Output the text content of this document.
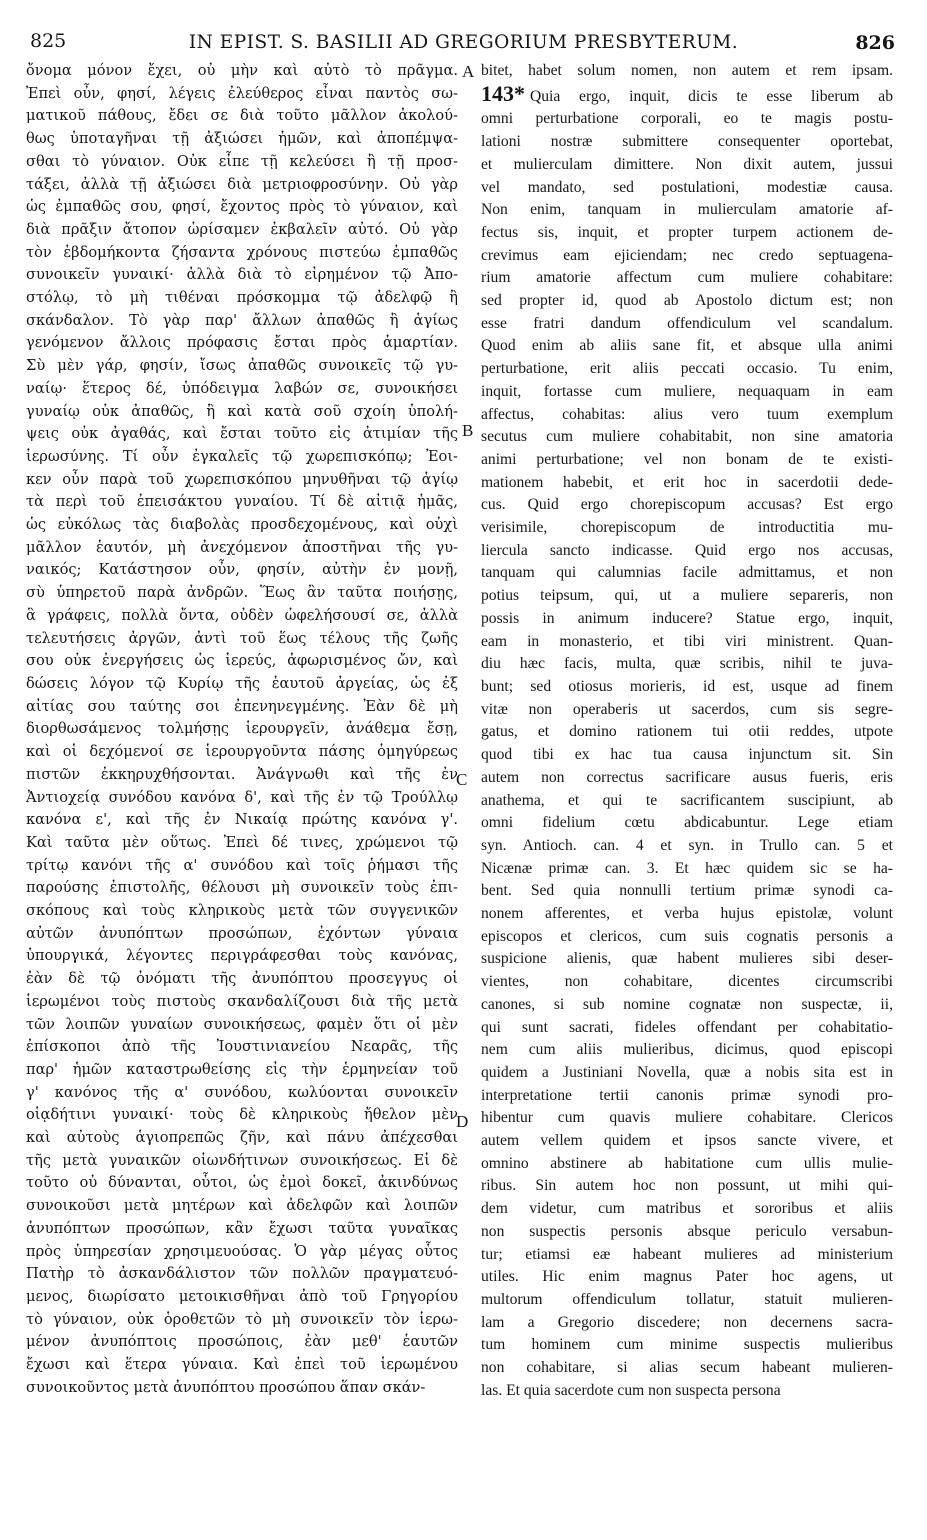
825	IN EPIST. S. BASILII AD GREGORIUM PRESBYTERUM.	826
ὄνομα μόνον ἔχει, οὐ μὴν καὶ αὐτὸ τὸ πρᾶγμα.
Ἐπεὶ οὖν, φησί, λέγεις ἐλεύθερος εἶναι παντὸς σω-
ματικοῦ πάθους, ἔδει σε διὰ τοῦτο μᾶλλον ἀκολού-
θως ὑποταγῆναι τῇ ἀξιώσει ἡμῶν, καὶ ἀποπέμψα-
σθαι τὸ γύναιον. Οὐκ εἶπε τῇ κελεύσει ἢ τῇ προσ-
τάξει, ἀλλὰ τῇ ἀξιώσει διὰ μετριοφροσύνην. Οὐ γὰρ
ὡς ἐμπαθῶς σου, φησί, ἔχοντος πρὸς τὸ γύναιον, καὶ
διὰ πρᾶξιν ἄτοπον ὡρίσαμεν ἐκβαλεῖν αὐτό. Οὐ γὰρ
τὸν ἑβδομήκοντα ζήσαντα χρόνους πιστεύω ἐμπαθῶς
συνοικεῖν γυναικί· ἀλλὰ διὰ τὸ εἰρημένον τῷ Ἀπο-
στόλῳ, τὸ μὴ τιθέναι πρόσκομμα τῷ ἀδελφῷ ἢ
σκάνδαλον. Τὸ γὰρ παρ' ἄλλων ἀπαθῶς ἢ ἁγίως
γενόμενον ἄλλοις πρόφασις ἔσται πρὸς ἁμαρτίαν.
Σὺ μὲν γάρ, φησίν, ἴσως ἀπαθῶς συνοικεῖς τῷ γυ-
ναίῳ· ἕτερος δέ, ὑπόδειγμα λαβών σε, συνοικήσει
γυναίῳ οὐκ ἀπαθῶς, ἢ καὶ κατὰ σοῦ σχοίη ὑπολή-
ψεις οὐκ ἀγαθάς, καὶ ἔσται τοῦτο εἰς ἀτιμίαν τῆς
ἱερωσύνης. Τί οὖν ἐγκαλεῖς τῷ χωρεπισκόπῳ; Ἐοι-
κεν οὖν παρὰ τοῦ χωρεπισκόπου μηνυθῆναι τῷ ἁγίῳ
τὰ περὶ τοῦ ἐπεισάκτου γυναίου. Τί δὲ αἰτιᾷ ἡμᾶς,
ὡς εὐκόλως τὰς διαβολὰς προσδεχομένους, καὶ οὐχὶ
μᾶλλον ἑαυτόν, μὴ ἀνεχόμενον ἀποστῆναι τῆς γυ-
ναικός; Κατάστησον οὖν, φησίν, αὐτὴν ἐν μονῇ,
σὺ ὑπηρετοῦ παρὰ ἀνδρῶν. Ἕως ἂν ταῦτα ποιήσῃς,
ἃ γράφεις, πολλὰ ὄντα, οὐδὲν ὠφελήσουσί σε, ἀλλὰ
τελευτήσεις ἀργῶν, ἀντὶ τοῦ ἕως τέλους τῆς ζωῆς
σου οὐκ ἐνεργήσεις ὡς ἱερεύς, ἀφωρισμένος ὤν, καὶ
δώσεις λόγον τῷ Κυρίῳ τῆς ἑαυτοῦ ἀργείας, ὡς ἐξ
αἰτίας σου ταύτης σοι ἐπενηνεγμένης. Ἐὰν δὲ μὴ
διορθωσάμενος τολμήσῃς ἱερουργεῖν, ἀνάθεμα ἔσῃ,
καὶ οἱ δεχόμενοί σε ἱερουργοῦντα πάσης ὁμηγύρεως
πιστῶν ἐκκηρυχθήσονται. Ἀνάγνωθι καὶ τῆς ἐν
Ἀντιοχείᾳ συνόδου κανόνα δ', καὶ τῆς ἐν τῷ Τρούλλῳ
κανόνα ε', καὶ τῆς ἐν Νικαίᾳ πρώτης κανόνα γ'.
Καὶ ταῦτα μὲν οὕτως. Ἐπεὶ δέ τινες, χρώμενοι τῷ
τρίτῳ κανόνι τῆς α' συνόδου καὶ τοῖς ῥήμασι τῆς
παρούσης ἐπιστολῆς, θέλουσι μὴ συνοικεῖν τοὺς ἐπι-
σκόπους καὶ τοὺς κληρικοὺς μετὰ τῶν συγγενικῶν
αὐτῶν ἀνυπόπτων προσώπων, ἐχόντων γύναια
ὑπουργικά, λέγοντες περιγράφεσθαι τοὺς κανόνας,
ἐὰν δὲ τῷ ὀνόματι τῆς ἀνυπόπτου προσεγγυς οἱ
ἱερωμένοι τοὺς πιστοὺς σκανδαλίζουσι διὰ τῆς μετὰ
τῶν λοιπῶν γυναίων συνοικήσεως, φαμὲν ὅτι οἱ μὲν
ἐπίσκοποι ἀπὸ τῆς Ἰουστινιανείου Νεαρᾶς, τῆς
παρ' ἡμῶν καταστρωθείσης εἰς τὴν ἑρμηνείαν τοῦ
γ' κανόνος τῆς α' συνόδου, κωλύονται συνοικεῖν
οἱᾳδήτινι γυναικί· τοὺς δὲ κληρικοὺς ἤθελον μὲν
καὶ αὐτοὺς ἁγιοπρεπῶς ζῆν, καὶ πάνυ ἀπέχεσθαι
τῆς μετὰ γυναικῶν οἱωνδήτινων συνοικήσεως. Εἰ δὲ
τοῦτο οὐ δύνανται, οὗτοι, ὡς ἐμοὶ δοκεῖ, ἀκινδύνως
συνοικοῦσι μετὰ μητέρων καὶ ἀδελφῶν καὶ λοιπῶν
ἀνυπόπτων προσώπων, κἂν ἔχωσι ταῦτα γυναῖκας
πρὸς ὑπηρεσίαν χρησιμευούσας. Ὁ γὰρ μέγας οὗτος
Πατὴρ τὸ ἀσκανδάλιστον τῶν πολλῶν πραγματευό-
μενος, διωρίσατο μετοικισθῆναι ἀπὸ τοῦ Γρηγορίου
τὸ γύναιον, οὐκ ὁροθετῶν τὸ μὴ συνοικεῖν τὸν ἱερω-
μένον ἀνυπόπτοις προσώποις, ἐὰν μεθ' ἑαυτῶν
ἔχωσι καὶ ἕτερα γύναια. Καὶ ἐπεὶ τοῦ ἱερωμένου
συνοικοῦντος μετὰ ἀνυπόπτου προσώπου ἅπαν σκάν-
bitet, habet solum nomen, non autem et rem ipsam.
143* Quia ergo, inquit, dicis te esse liberum ab
omni perturbatione corporali, eo te magis postu-
lationi nostræ submittere consequenter oportebat,
et mulierculam dimittere. Non dixit autem, jussui
vel mandato, sed postulationi, modestiæ causa.
Non enim, tanquam in mulierculam amatorie af-
fectus sis, inquit, et propter turpem actionem de-
crevimus eam ejiciendam; nec credo septuagena-
rium amatorie affectum cum muliere cohabitare:
sed propter id, quod ab Apostolo dictum est; non
esse fratri dandum offendiculum vel scandalum.
Quod enim ab aliis sane fit, et absque ulla animi
perturbatione, erit aliis peccati occasio. Tu enim,
inquit, fortasse cum muliere, nequaquam in eam
affectus, cohabitas: alius vero tuum exemplum
secutus cum muliere cohabitabit, non sine amatoria
animi perturbatione; vel non bonam de te existi-
mationem habebit, et erit hoc in sacerdotii dede-
cus. Quid ergo chorepiscopum accusas? Est ergo
verisimile, chorepiscopum de introductitia mu-
liercula sancto indicasse. Quid ergo nos accusas,
tanquam qui calumnias facile admittamus, et non
potius teipsum, qui, ut a muliere separeris, non
possis in animum inducere? Statue ergo, inquit,
eam in monasterio, et tibi viri ministrent. Quan-
diu hæc facis, multa, quæ scribis, nihil te juva-
bunt; sed otiosus morieris, id est, usque ad finem
vitæ non operaberis ut sacerdos, cum sis segre-
gatus, et domino rationem tui otii reddes, utpote
quod tibi ex hac tua causa injunctum sit. Sin
autem non correctus sacrificare ausus fueris, eris
anathema, et qui te sacrificantem suscipiunt, ab
omni fidelium cœtu abdicabuntur. Lege etiam
syn. Antioch. can. 4 et syn. in Trullo can. 5 et
Nicænæ primæ can. 3. Et hæc quidem sic se ha-
bent. Sed quia nonnulli tertium primæ synodi ca-
nonem afferentes, et verba hujus epistolæ, volunt
episcopos et clericos, cum suis cognatis personis a
suspicione alienis, quæ habent mulieres sibi deser-
vientes, non cohabitare, dicentes circumscribi
canones, si sub nomine cognatæ non suspectæ, ii,
qui sunt sacrati, fideles offendant per cohabitatio-
nem cum aliis mulieribus, dicimus, quod episcopi
quidem a Justiniani Novella, quæ a nobis sita est in
interpretatione tertii canonis primæ synodi pro-
hibentur cum quavis muliere cohabitare. Clericos
autem vellem quidem et ipsos sancte vivere, et
omnino abstinere ab habitatione cum ullis mulie-
ribus. Sin autem hoc non possunt, ut mihi qui-
dem videtur, cum matribus et sororibus et aliis
non suspectis personis absque periculo versabun-
tur; etiamsi eæ habeant mulieres ad ministerium
utiles. Hic enim magnus Pater hoc agens, ut
multorum offendiculum tollatur, statuit mulieren-
lam a Gregorio discedere; non decernens sacra-
tum hominem cum minime suspectis mulieribus
non cohabitare, si alias secum habeant mulieren-
las. Et quia sacerdote cum non suspecta persona
A
B
C
D
